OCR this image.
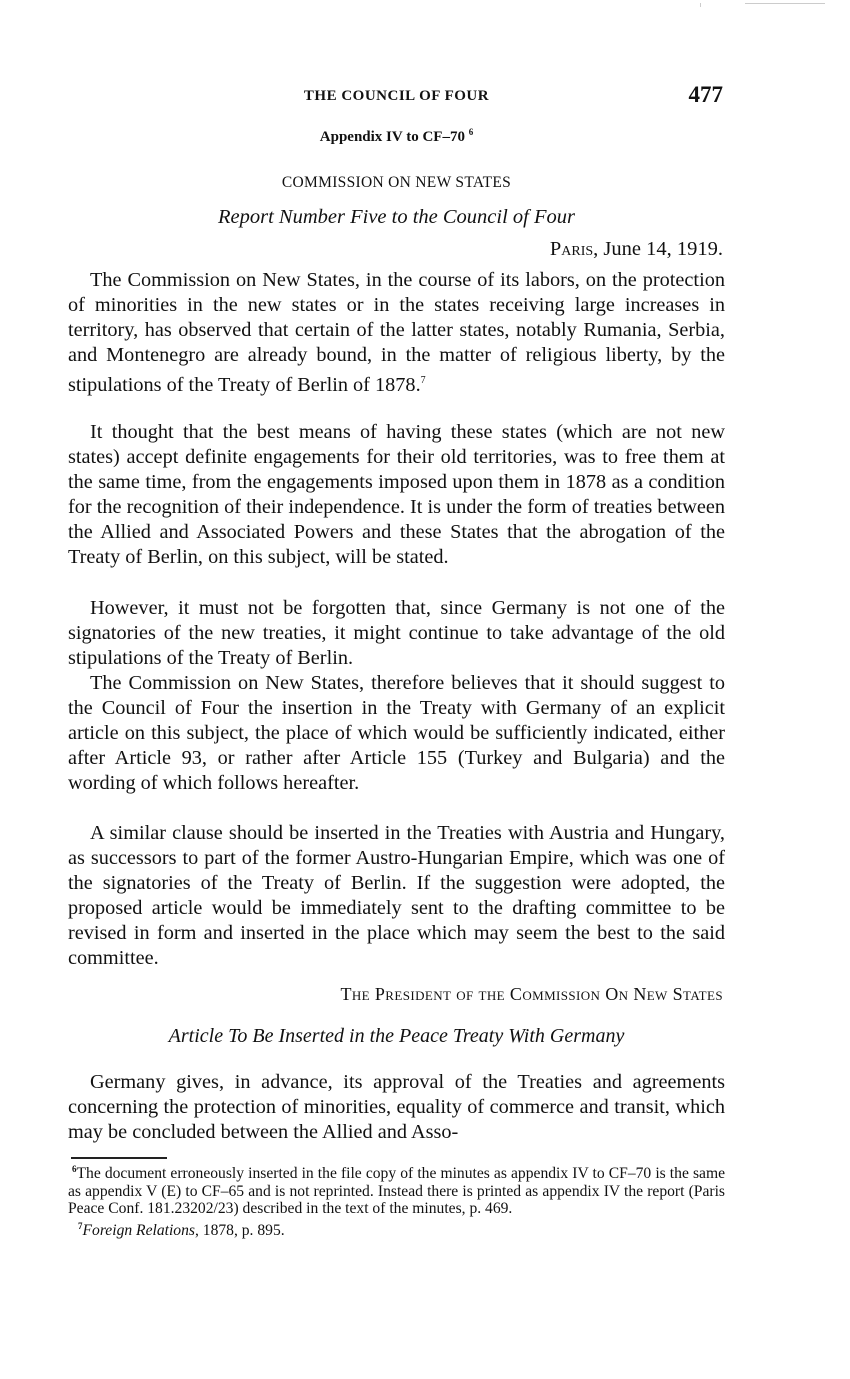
THE COUNCIL OF FOUR	477
Appendix IV to CF–70 $^6$
COMMISSION ON NEW STATES
Report Number Five to the Council of Four
Paris, June 14, 1919.

The Commission on New States, in the course of its labors, on the protection of minorities in the new states or in the states receiving large increases in territory, has observed that certain of the latter states, notably Rumania, Serbia, and Montenegro are already bound, in the matter of religious liberty, by the stipulations of the Treaty of Berlin of 1878.$^7$

It thought that the best means of having these states (which are not new states) accept definite engagements for their old territories, was to free them at the same time, from the engagements imposed upon them in 1878 as a condition for the recognition of their independence. It is under the form of treaties between the Allied and Associated Powers and these States that the abrogation of the Treaty of Berlin, on this subject, will be stated.

However, it must not be forgotten that, since Germany is not one of the signatories of the new treaties, it might continue to take advantage of the old stipulations of the Treaty of Berlin.

The Commission on New States, therefore believes that it should suggest to the Council of Four the insertion in the Treaty with Germany of an explicit article on this subject, the place of which would be sufficiently indicated, either after Article 93, or rather after Article 155 (Turkey and Bulgaria) and the wording of which follows hereafter.

A similar clause should be inserted in the Treaties with Austria and Hungary, as successors to part of the former Austro-Hungarian Empire, which was one of the signatories of the Treaty of Berlin. If the suggestion were adopted, the proposed article would be immediately sent to the drafting committee to be revised in form and inserted in the place which may seem the best to the said committee.

The President of the Commission On New States
Article To Be Inserted in the Peace Treaty With Germany

Germany gives, in advance, its approval of the Treaties and agreements concerning the protection of minorities, equality of commerce and transit, which may be concluded between the Allied and Asso-

$^6$The document erroneously inserted in the file copy of the minutes as appendix IV to CF–70 is the same as appendix V (E) to CF–65 and is not reprinted. Instead there is printed as appendix IV the report (Paris Peace Conf. 181.23202/23) described in the text of the minutes, p. 469.

$^7$Foreign Relations, 1878, p. 895.
